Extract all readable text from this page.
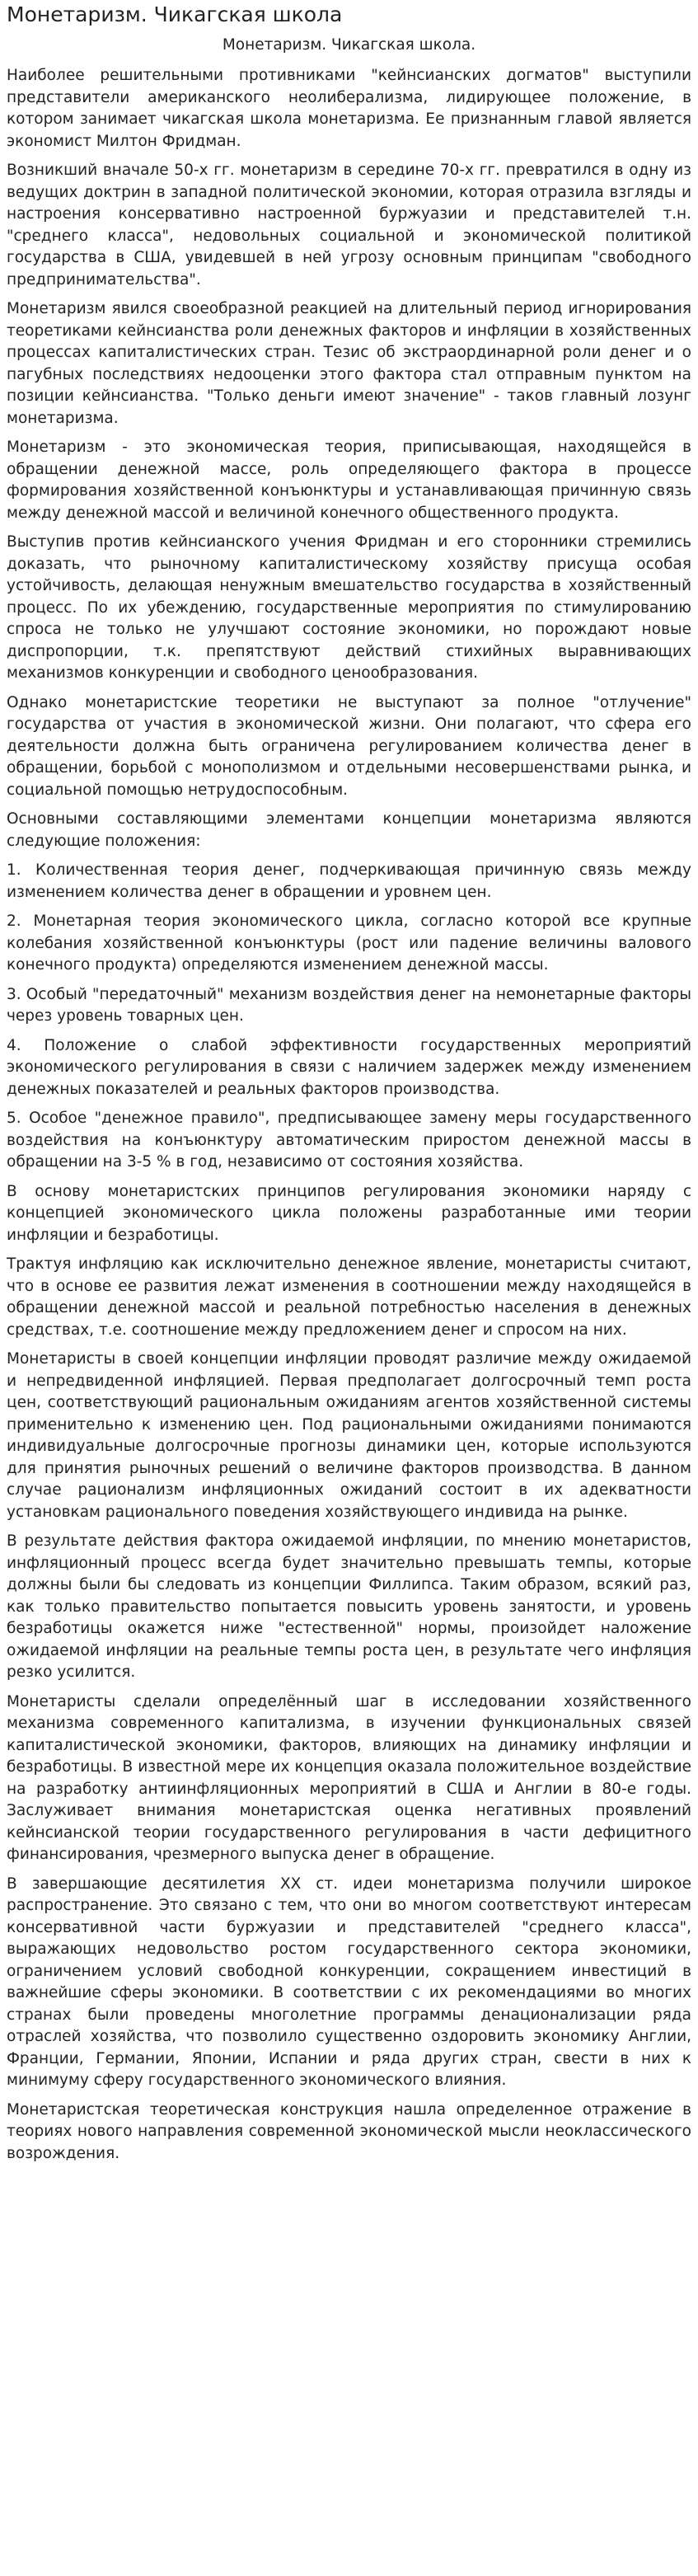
Монетаризм. Чикагская школа
Монетаризм. Чикагская школа.

Наиболее решительными противниками "кейнсианских догматов" выступили представители американского неолиберализма, лидирующее положение, в котором занимает чикагская школа монетаризма. Ее признанным главой является экономист Милтон Фридман.

Возникший вначале 50-х гг. монетаризм в середине 70-х гг. превратился в одну из ведущих доктрин в западной политической экономии, которая отразила взгляды и настроения консервативно настроенной буржуазии и представителей т.н. "среднего класса", недовольных социальной и экономической политикой государства в США, увидевшей в ней угрозу основным принципам "свободного предпринимательства".

Монетаризм явился своеобразной реакцией на длительный период игнорирования теоретиками кейнсианства роли денежных факторов и инфляции в хозяйственных процессах капиталистических стран. Тезис об экстраординарной роли денег и о пагубных последствиях недооценки этого фактора стал отправным пунктом на позиции кейнсианства. "Только деньги имеют значение" - таков главный лозунг монетаризма.

Монетаризм - это экономическая теория, приписывающая, находящейся в обращении денежной массе, роль определяющего фактора в процессе формирования хозяйственной конъюнктуры и устанавливающая причинную связь между денежной массой и величиной конечного общественного продукта.

Выступив против кейнсианского учения Фридман и его сторонники стремились доказать, что рыночному капиталистическому хозяйству присуща особая устойчивость, делающая ненужным вмешательство государства в хозяйственный процесс. По их убеждению, государственные мероприятия по стимулированию спроса не только не улучшают состояние экономики, но порождают новые диспропорции, т.к. препятствуют действий стихийных выравнивающих механизмов конкуренции и свободного ценообразования.

Однако монетаристские теоретики не выступают за полное "отлучение" государства от участия в экономической жизни. Они полагают, что сфера его деятельности должна быть ограничена регулированием количества денег в обращении, борьбой с монополизмом и отдельными несовершенствами рынка, и социальной помощью нетрудоспособным.

Основными составляющими элементами концепции монетаризма являются следующие положения:

1. Количественная теория денег, подчеркивающая причинную связь между изменением количества денег в обращении и уровнем цен.

2. Монетарная теория экономического цикла, согласно которой все крупные колебания хозяйственной конъюнктуры (рост или падение величины валового конечного продукта) определяются изменением денежной массы.

3. Особый "передаточный" механизм воздействия денег на немонетарные факторы через уровень товарных цен.

4. Положение о слабой эффективности государственных мероприятий экономического регулирования в связи с наличием задержек между изменением денежных показателей и реальных факторов производства.

5. Особое "денежное правило", предписывающее замену меры государственного воздействия на конъюнктуру автоматическим приростом денежной массы в обращении на 3-5 % в год, независимо от состояния хозяйства.

В основу монетаристских принципов регулирования экономики наряду с концепцией экономического цикла положены разработанные ими теории инфляции и безработицы.

Трактуя инфляцию как исключительно денежное явление, монетаристы считают, что в основе ее развития лежат изменения в соотношении между находящейся в обращении денежной массой и реальной потребностью населения в денежных средствах, т.е. соотношение между предложением денег и спросом на них.

Монетаристы в своей концепции инфляции проводят различие между ожидаемой и непредвиденной инфляцией. Первая предполагает долгосрочный темп роста цен, соответствующий рациональным ожиданиям агентов хозяйственной системы применительно к изменению цен. Под рациональными ожиданиями понимаются индивидуальные долгосрочные прогнозы динамики цен, которые используются для принятия рыночных решений о величине факторов производства. В данном случае рационализм инфляционных ожиданий состоит в их адекватности установкам рационального поведения хозяйствующего индивида на рынке.

В результате действия фактора ожидаемой инфляции, по мнению монетаристов, инфляционный процесс всегда будет значительно превышать темпы, которые должны были бы следовать из концепции Филлипса. Таким образом, всякий раз, как только правительство попытается повысить уровень занятости, и уровень безработицы окажется ниже "естественной" нормы, произойдет наложение ожидаемой инфляции на реальные темпы роста цен, в результате чего инфляция резко усилится.

Монетаристы сделали определённый шаг в исследовании хозяйственного механизма современного капитализма, в изучении функциональных связей капиталистической экономики, факторов, влияющих на динамику инфляции и безработицы. В известной мере их концепция оказала положительное воздействие на разработку антиинфляционных мероприятий в США и Англии в 80-е годы. Заслуживает внимания монетаристская оценка негативных проявлений кейнсианской теории государственного регулирования в части дефицитного финансирования, чрезмерного выпуска денег в обращение.

В завершающие десятилетия XX ст. идеи монетаризма получили широкое распространение. Это связано с тем, что они во многом соответствуют интересам консервативной части буржуазии и представителей "среднего класса", выражающих недовольство ростом государственного сектора экономики, ограничением условий свободной конкуренции, сокращением инвестиций в важнейшие сферы экономики. В соответствии с их рекомендациями во многих странах были проведены многолетние программы денационализации ряда отраслей хозяйства, что позволило существенно оздоровить экономику Англии, Франции, Германии, Японии, Испании и ряда других стран, свести в них к минимуму сферу государственного экономического влияния.

Монетаристская теоретическая конструкция нашла определенное отражение в теориях нового направления современной экономической мысли неоклассического возрождения.
